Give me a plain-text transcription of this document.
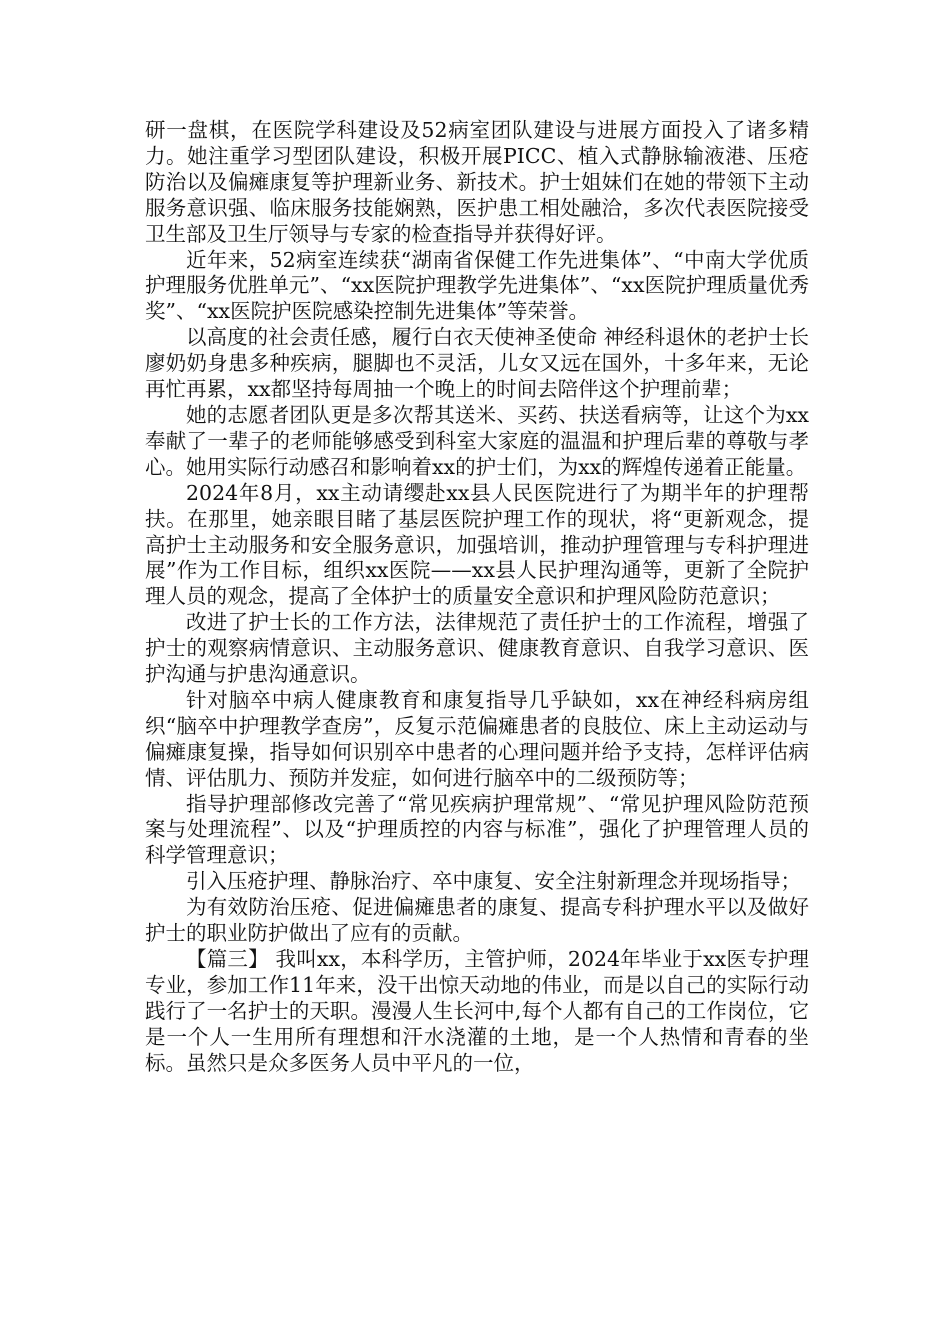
研一盘棋，在医院学科建设及52病室团队建设与进展方面投入了诸多精力。她注重学习型团队建设，积极开展PICC、植入式静脉输液港、压疮防治以及偏瘫康复等护理新业务、新技术。护士姐妹们在她的带领下主动服务意识强、临床服务技能娴熟，医护患工相处融洽，多次代表医院接受卫生部及卫生厅领导与专家的检查指导并获得好评。

近年来，52病室连续获“湖南省保健工作先进集体”、“中南大学优质护理服务优胜单元”、“xx医院护理教学先进集体”、“xx医院护理质量优秀奖”、“xx医院护医院感染控制先进集体”等荣誉。

以高度的社会责任感，履行白衣天使神圣使命 神经科退休的老护士长廖奶奶身患多种疾病，腿脚也不灵活，儿女又远在国外，十多年来，无论再忙再累，xx都坚持每周抽一个晚上的时间去陪伴这个护理前辈；

她的志愿者团队更是多次帮其送米、买药、扶送看病等，让这个为xx奉献了一辈子的老师能够感受到科室大家庭的温温和护理后辈的尊敬与孝心。她用实际行动感召和影响着xx的护士们，为xx的辉煌传递着正能量。

2024年8月，xx主动请缨赴xx县人民医院进行了为期半年的护理帮扶。在那里，她亲眼目睹了基层医院护理工作的现状，将“更新观念，提高护士主动服务和安全服务意识，加强培训，推动护理管理与专科护理进展”作为工作目标，组织xx医院——xx县人民护理沟通等，更新了全院护理人员的观念，提高了全体护士的质量安全意识和护理风险防范意识；

改进了护士长的工作方法，法律规范了责任护士的工作流程，增强了护士的观察病情意识、主动服务意识、健康教育意识、自我学习意识、医护沟通与护患沟通意识。

针对脑卒中病人健康教育和康复指导几乎缺如，xx在神经科病房组织“脑卒中护理教学查房”，反复示范偏瘫患者的良肢位、床上主动运动与偏瘫康复操，指导如何识别卒中患者的心理问题并给予支持，怎样评估病情、评估肌力、预防并发症，如何进行脑卒中的二级预防等；

指导护理部修改完善了“常见疾病护理常规”、“常见护理风险防范预案与处理流程”、以及“护理质控的内容与标准”，强化了护理管理人员的科学管理意识；

引入压疮护理、静脉治疗、卒中康复、安全注射新理念并现场指导；

为有效防治压疮、促进偏瘫患者的康复、提高专科护理水平以及做好护士的职业防护做出了应有的贡献。

【篇三】 我叫xx，本科学历，主管护师，2024年毕业于xx医专护理专业，参加工作11年来，没干出惊天动地的伟业，而是以自己的实际行动践行了一名护士的天职。漫漫人生长河中,每个人都有自己的工作岗位，它是一个人一生用所有理想和汗水浇灌的土地，是一个人热情和青春的坐标。虽然只是众多医务人员中平凡的一位，
